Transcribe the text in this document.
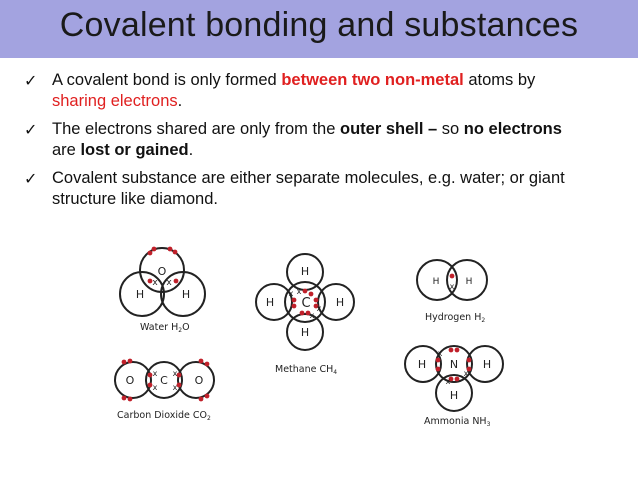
Covalent bonding and substances
✓ A covalent bond is only formed between two non-metal atoms by
sharing electrons.
✓ The electrons shared are only from the outer shell – so no electrons
are lost or gained.
✓ Covalent substance are either separate molecules, e.g. water; or giant
structure like diamond.
x x
O
H	H
Water $H_2O$
x
x
x
x
H
H C H
H
Methane $CH_4$
x
H	H
Hydrogen $H_2$
x
x
x
x
O C O
Carbon Dioxide $CO_2$
x
x
x
H N H
H
Ammonia $NH_3$
